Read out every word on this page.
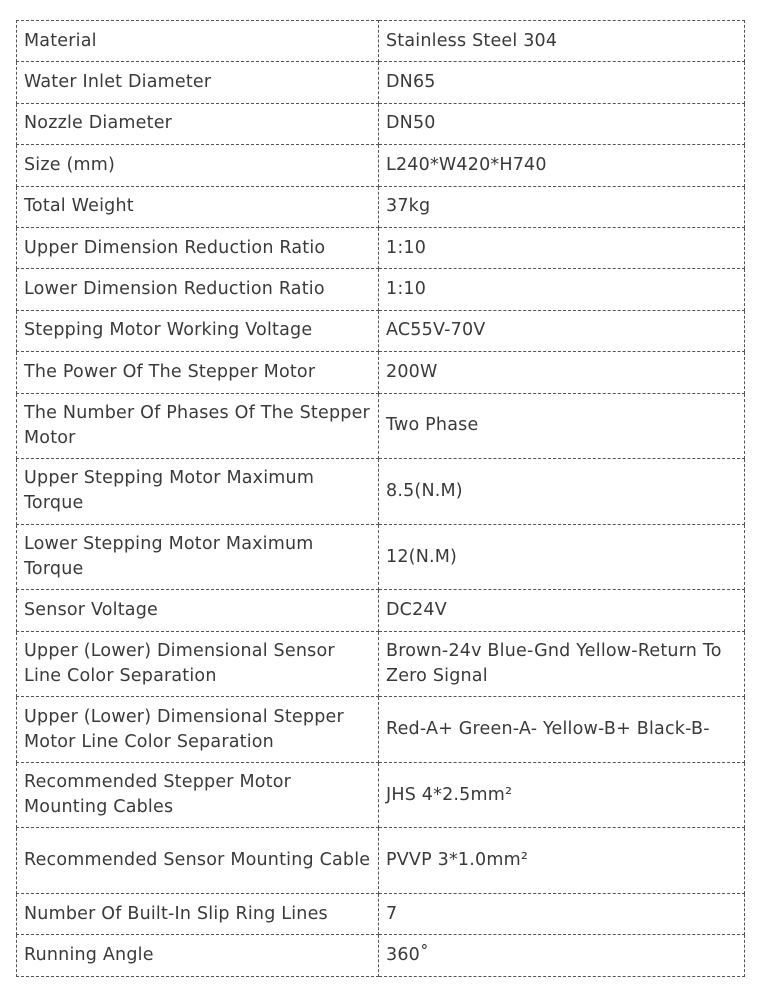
Material	Stainless Steel 304
Water Inlet Diameter	DN65
Nozzle Diameter	DN50
Size (mm)	L240*W420*H740
Total Weight	37kg
Upper Dimension Reduction Ratio	1:10
Lower Dimension Reduction Ratio	1:10
Stepping Motor Working Voltage	AC55V-70V
The Power Of The Stepper Motor	200W
The Number Of Phases Of The Stepper Motor	Two Phase
Upper Stepping Motor Maximum Torque	8.5(N.M)
Lower Stepping Motor Maximum Torque	12(N.M)
Sensor Voltage	DC24V
Upper (Lower) Dimensional Sensor Line Color Separation	Brown-24v Blue-Gnd Yellow-Return To Zero Signal
Upper (Lower) Dimensional Stepper Motor Line Color Separation	Red-A+ Green-A- Yellow-B+ Black-B-
Recommended Stepper Motor Mounting Cables	JHS 4*2.5mm²
Recommended Sensor Mounting Cable	PVVP 3*1.0mm²
Number Of Built-In Slip Ring Lines	7
Running Angle	360˚
